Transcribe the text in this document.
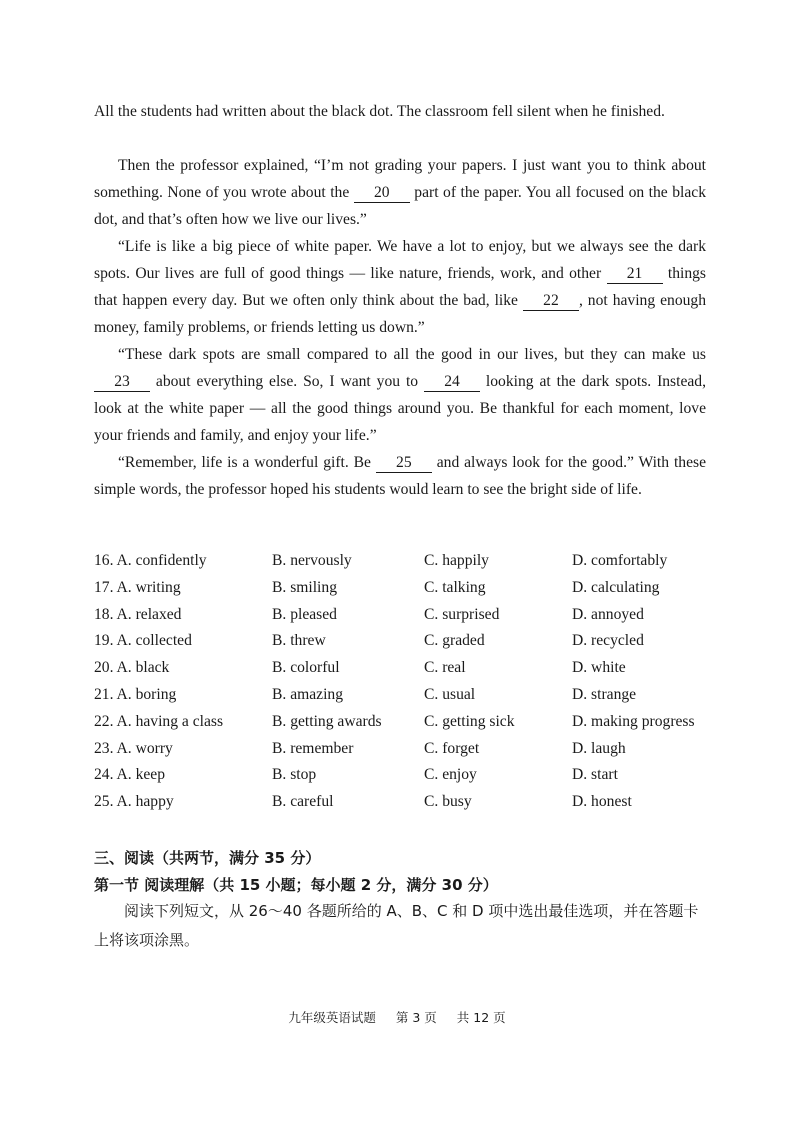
All the students had written about the black dot. The classroom fell silent when he finished.

Then the professor explained, “I’m not grading your papers. I just want you to think about something. None of you wrote about the 20 part of the paper. You all focused on the black dot, and that’s often how we live our lives.”

“Life is like a big piece of white paper. We have a lot to enjoy, but we always see the dark spots. Our lives are full of good things — like nature, friends, work, and other 21 things that happen every day. But we often only think about the bad, like 22 , not having enough money, family problems, or friends letting us down.”

“These dark spots are small compared to all the good in our lives, but they can make us 23 about everything else. So, I want you to 24 looking at the dark spots. Instead, look at the white paper — all the good things around you. Be thankful for each moment, love your friends and family, and enjoy your life.”

“Remember, life is a wonderful gift. Be 25 and always look for the good.” With these simple words, the professor hoped his students would learn to see the bright side of life.

16. A. confidently	B. nervously	C. happily	D. comfortably
17. A. writing	B. smiling	C. talking	D. calculating
18. A. relaxed	B. pleased	C. surprised	D. annoyed
19. A. collected	B. threw	C. graded	D. recycled
20. A. black	B. colorful	C. real	D. white
21. A. boring	B. amazing	C. usual	D. strange
22. A. having a class	B. getting awards	C. getting sick	D. making progress
23. A. worry	B. remember	C. forget	D. laugh
24. A. keep	B. stop	C. enjoy	D. start
25. A. happy	B. careful	C. busy	D. honest

三、阅读（共两节，满分 35 分）

第一节 阅读理解（共 15 小题；每小题 2 分，满分 30 分）

阅读下列短文，从 26～40 各题所给的 A、B、C 和 D 项中选出最佳选项，并在答题卡上将该项涂黑。

九年级英语试题 第 3 页 共 12 页
